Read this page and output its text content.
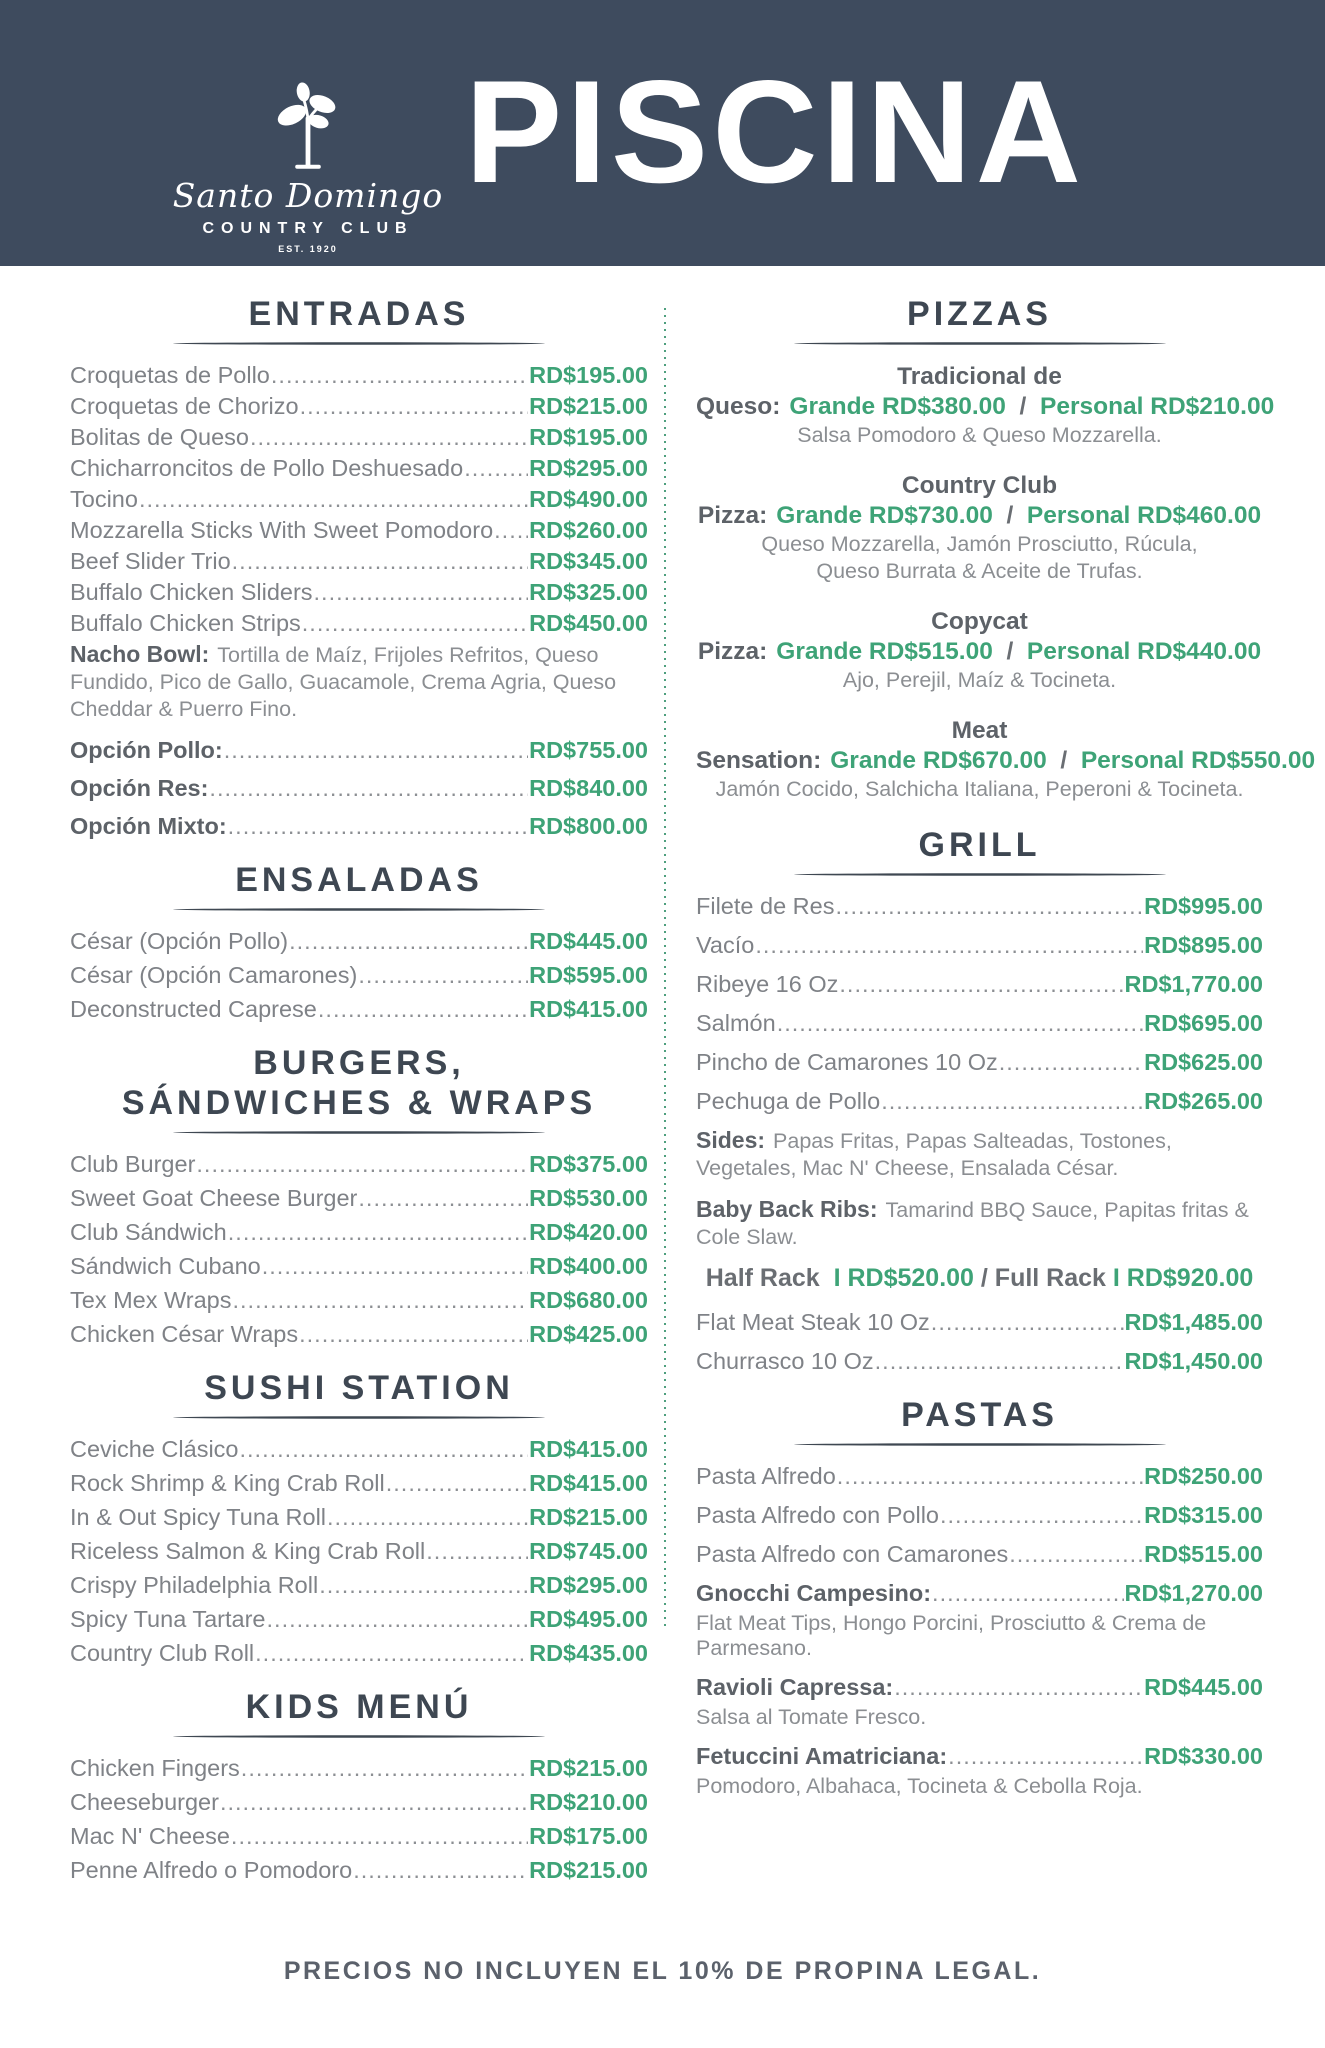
Santo Domingo
COUNTRY CLUB
EST. 1920
PISCINA
ENTRADAS
Croquetas de Pollo .....	RD$195.00
Croquetas de Chorizo .....	RD$215.00
Bolitas de Queso .....	RD$195.00
Chicharroncitos de Pollo Deshuesado .....	RD$295.00
Tocino .....	RD$490.00
Mozzarella Sticks With Sweet Pomodoro ..... RD$260.00
Beef Slider Trio .....	RD$345.00
Buffalo Chicken Sliders .....	RD$325.00
Buffalo Chicken Strips .....	RD$450.00
Nacho Bowl: Tortilla de Maíz, Frijoles Refritos, Queso Fundido, Pico de Gallo, Guacamole, Crema Agria, Queso Cheddar & Puerro Fino.
Opción Pollo: .....	RD$755.00
Opción Res: .....	RD$840.00
Opción Mixto: .....	RD$800.00
ENSALADAS
César (Opción Pollo) .....	RD$445.00
César (Opción Camarones) .....	RD$595.00
Deconstructed Caprese .....	RD$415.00
BURGERS,
SÁNDWICHES & WRAPS
Club Burger .....	RD$375.00
Sweet Goat Cheese Burger .....	RD$530.00
Club Sándwich .....	RD$420.00
Sándwich Cubano .....	RD$400.00
Tex Mex Wraps .....	RD$680.00
Chicken César Wraps .....	RD$425.00
SUSHI STATION
Ceviche Clásico .....	RD$415.00
Rock Shrimp & King Crab Roll .....	RD$415.00
In & Out Spicy Tuna Roll .....	RD$215.00
Riceless Salmon & King Crab Roll .....	RD$745.00
Crispy Philadelphia Roll .....	RD$295.00
Spicy Tuna Tartare .....	RD$495.00
Country Club Roll .....	RD$435.00
KIDS MENÚ
Chicken Fingers .....	RD$215.00
Cheeseburger .....	RD$210.00
Mac N' Cheese .....	RD$175.00
Penne Alfredo o Pomodoro .....	RD$215.00
PIZZAS
Tradicional de Queso: Grande RD$380.00  /  Personal RD$210.00
Salsa Pomodoro & Queso Mozzarella.
Country Club Pizza: Grande RD$730.00  /  Personal RD$460.00
Queso Mozzarella, Jamón Prosciutto, Rúcula,
Queso Burrata & Aceite de Trufas.
Copycat Pizza: Grande RD$515.00  /  Personal RD$440.00
Ajo, Perejil, Maíz & Tocineta.
Meat Sensation: Grande RD$670.00  /  Personal RD$550.00
Jamón Cocido, Salchicha Italiana, Peperoni & Tocineta.
GRILL
Filete de Res .....	RD$995.00
Vacío .....	RD$895.00
Ribeye 16 Oz .....	RD$1,770.00
Salmón .....	RD$695.00
Pincho de Camarones 10 Oz .....	RD$625.00
Pechuga de Pollo .....	RD$265.00
Sides: Papas Fritas, Papas Salteadas, Tostones, Vegetales, Mac N' Cheese, Ensalada César.
Baby Back Ribs: Tamarind BBQ Sauce, Papitas fritas & Cole Slaw.
Half Rack  I RD$520.00 / Full Rack I RD$920.00
Flat Meat Steak 10 Oz .....	RD$1,485.00
Churrasco 10 Oz .....	RD$1,450.00
PASTAS
Pasta Alfredo .....	RD$250.00
Pasta Alfredo con Pollo .....	RD$315.00
Pasta Alfredo con Camarones .....	RD$515.00
Gnocchi Campesino: .....	RD$1,270.00
Flat Meat Tips, Hongo Porcini, Prosciutto & Crema de Parmesano.
Ravioli Capressa: .....	RD$445.00
Salsa al Tomate Fresco.
Fetuccini Amatriciana: .....	RD$330.00
Pomodoro, Albahaca, Tocineta & Cebolla Roja.
PRECIOS NO INCLUYEN EL 10% DE PROPINA LEGAL.
